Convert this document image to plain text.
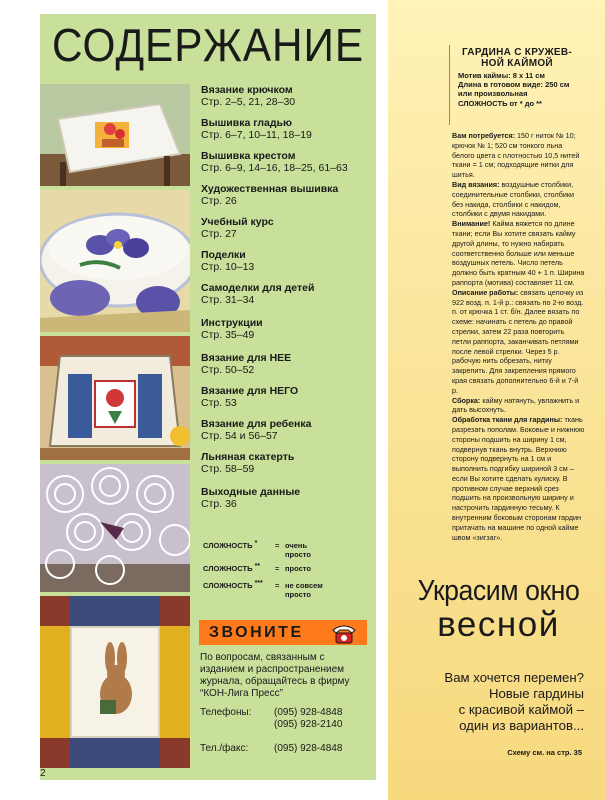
СОДЕРЖАНИЕ
Вязание крючком
Стр. 2–5, 21, 28–30
Вышивка гладью
Стр. 6–7, 10–11, 18–19
Вышивка крестом
Стр. 6–9, 14–16, 18–25, 61–63
Художественная вышивка
Стр. 26
Учебный курс
Стр. 27
Поделки
Стр. 10–13
Самоделки для детей
Стр. 31–34
Инструкции
Стр. 35–49
Вязание для НЕЕ
Стр. 50–52
Вязание для НЕГО
Стр. 53
Вязание для ребенка
Стр. 54 и 56–57
Льняная скатерть
Стр. 58–59
Выходные данные
Стр. 36
СЛОЖНОСТЬ * = очень просто
СЛОЖНОСТЬ ** = просто
СЛОЖНОСТЬ *** = не совсем просто
ЗВОНИТЕ
По вопросам, связанным с изданием и распространением журнала, обращайтесь в фирму “КОН-Лига Пресс”
Телефоны: (095) 928-4848
(095) 928-2140
Тел./факс:	(095) 928-4848
2
ГАРДИНА С КРУЖЕВ-НОЙ КАЙМОЙ
Мотив каймы: 8 х 11 см
Длина в готовом виде: 250 см или произвольная
СЛОЖНОСТЬ от * до **

Вам потребуется: 150 г ниток № 10; крючок № 1; 520 см тонкого льна белого цвета с плотностью 10,5 нитей ткани = 1 см; подходящие нитки для шитья.

Вид вязания: воздушные столбики, соединительные столбики, столбики без накида, столбики с накидом, столбики с двумя накидами.

Внимание! Кайма вяжется по длине ткани; если Вы хотите связать кайму другой длины, то нужно набирать соответственно больше или меньше воздушных петель. Число петель должно быть кратным 40 + 1 п. Ширина раппорта (мотива) составляет 11 см.

Описание работы: связать цепочку из 922 возд. п. 1-й р.: связать по 2-ю возд. п. от крючка 1 ст. б/н. Далее вязать по схеме: начинать с петель до правой стрелки, затем 22 раза повторить петли раппорта, заканчивать петлями после левой стрелки. Через 5 р. рабочую нить обрезать, нитку закрепить. Для закрепления прямого края связать дополнительно 6-й и 7-й р.

Сборка: кайму натянуть, увлажнить и дать высохнуть.

Обработка ткани для гардины: ткань разрезать пополам. Боковые и нижнюю стороны подшить на ширину 1 см, подвернув ткань внутрь. Верхнюю сторону подвернуть на 1 см и выполнить подгибку шириной 3 см – если Вы хотите сделать кулиску. В противном случае верхний срез подшить на произвольную ширину и настрочить гардинную тесьму. К внутренним боковым сторонам гардин притачать на машине по одной кайме швом «зигзаг».

Украсим окно
весной
Вам хочется перемен?
Новые гардины
с красивой каймой –
один из вариантов...
Схему см. на стр. 35
